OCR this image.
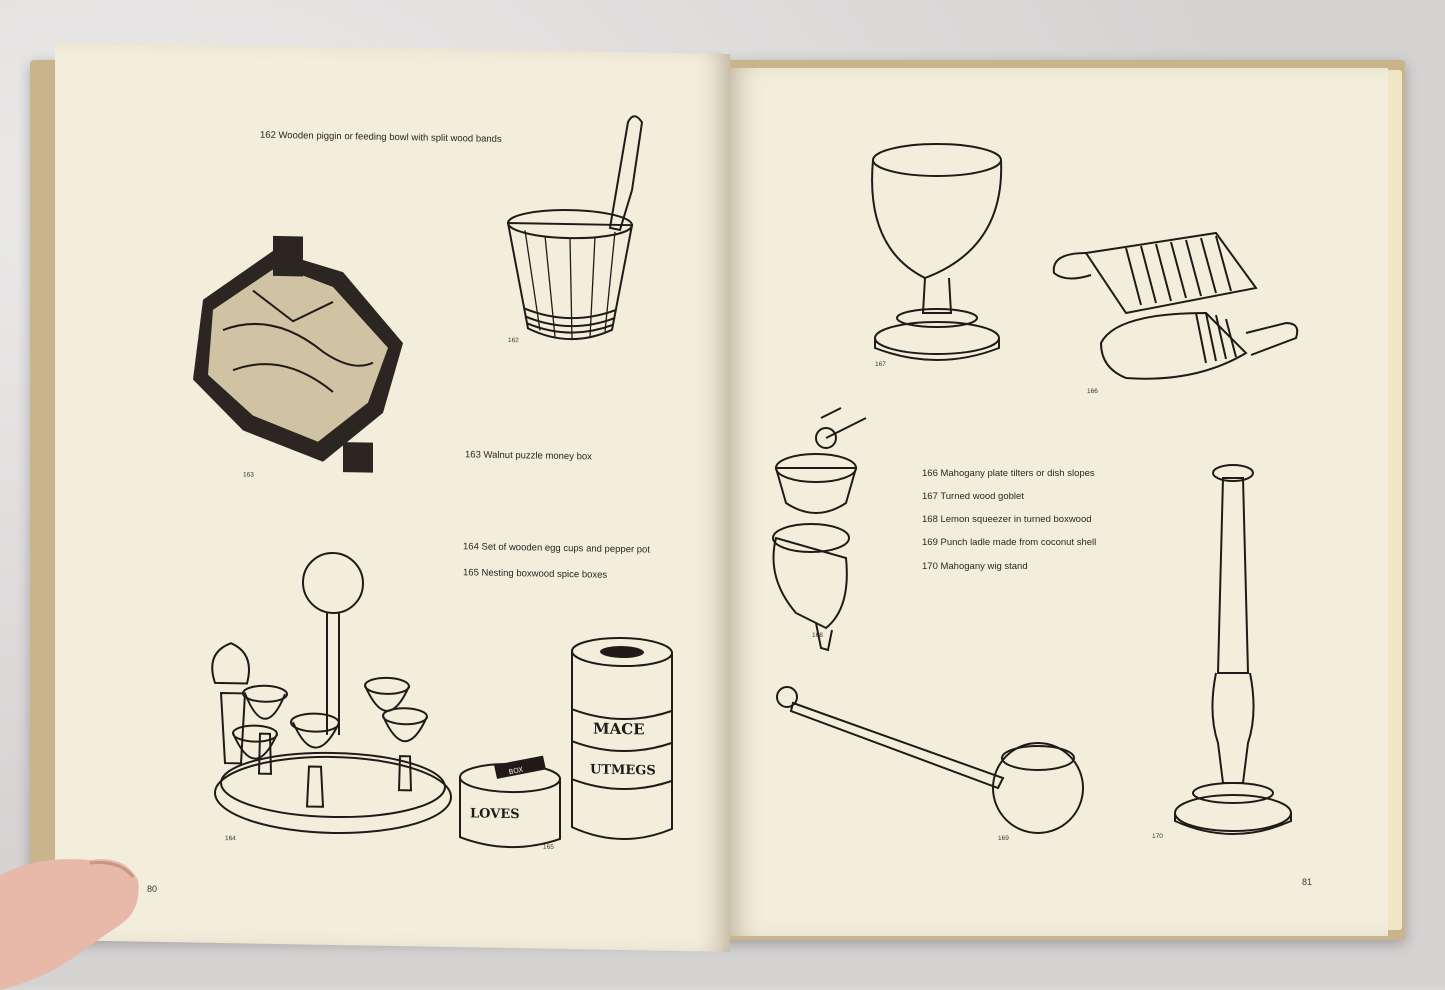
162 Wooden piggin or feeding bowl with split wood bands
163 Walnut puzzle money box
164 Set of wooden egg cups and pepper pot
165 Nesting boxwood spice boxes
162
163
164
165
80
MACE
UTMEGS
LOVES
BOX
166 Mahogany plate tilters or dish slopes
167 Turned wood goblet
168 Lemon squeezer in turned boxwood
169 Punch ladle made from coconut shell
170 Mahogany wig stand
167
166
168
169	170
81
